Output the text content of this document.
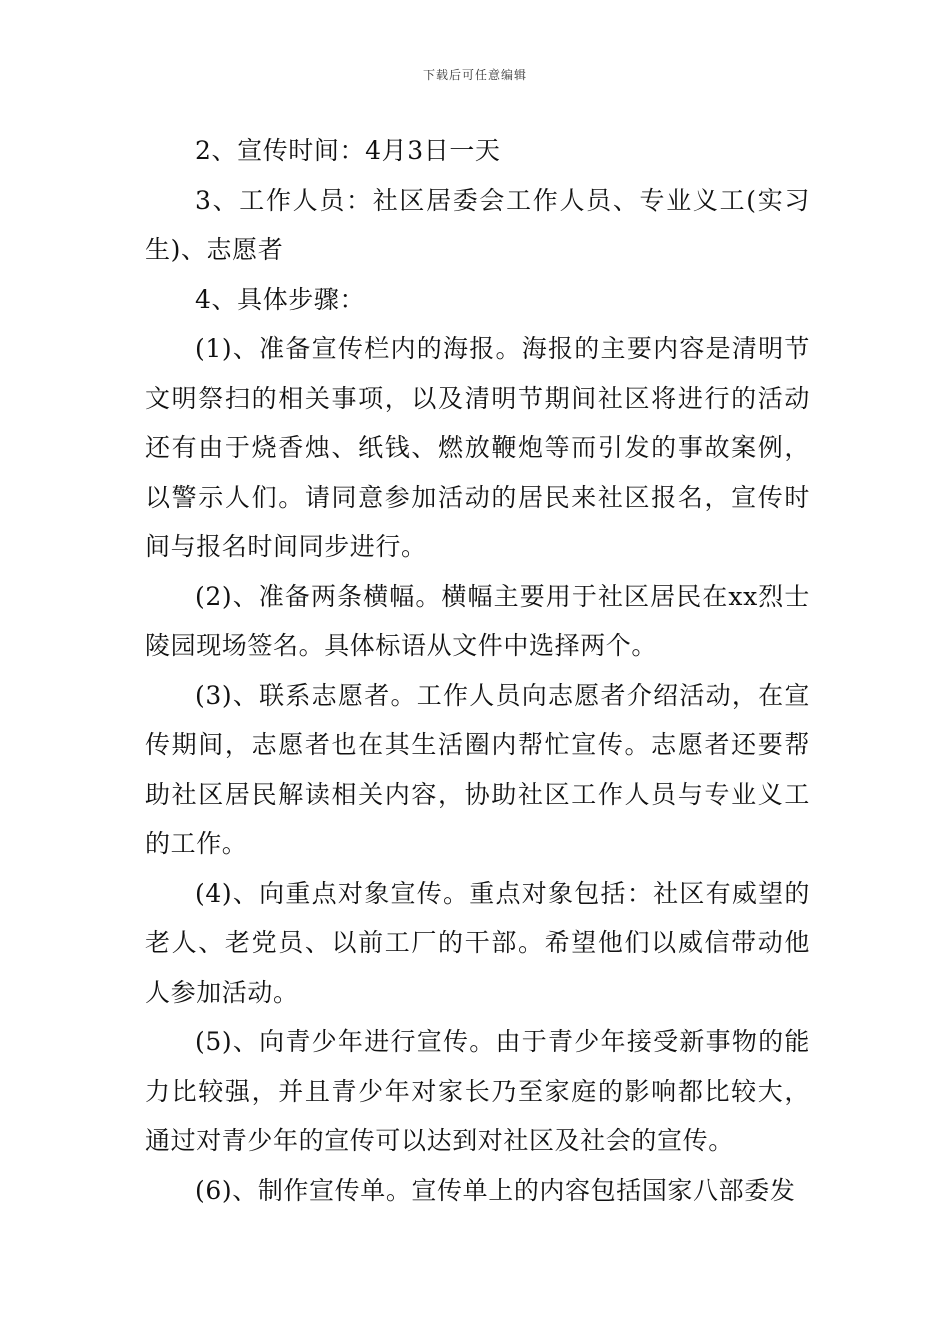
下载后可任意编辑

2、宣传时间：4月3日一天

3、工作人员：社区居委会工作人员、专业义工(实习生)、志愿者

4、具体步骤：

(1)、准备宣传栏内的海报。海报的主要内容是清明节文明祭扫的相关事项，以及清明节期间社区将进行的活动还有由于烧香烛、纸钱、燃放鞭炮等而引发的事故案例，以警示人们。请同意参加活动的居民来社区报名，宣传时间与报名时间同步进行。

(2)、准备两条横幅。横幅主要用于社区居民在xx烈士陵园现场签名。具体标语从文件中选择两个。

(3)、联系志愿者。工作人员向志愿者介绍活动，在宣传期间，志愿者也在其生活圈内帮忙宣传。志愿者还要帮助社区居民解读相关内容，协助社区工作人员与专业义工的工作。

(4)、向重点对象宣传。重点对象包括：社区有威望的老人、老党员、以前工厂的干部。希望他们以威信带动他人参加活动。

(5)、向青少年进行宣传。由于青少年接受新事物的能力比较强，并且青少年对家长乃至家庭的影响都比较大，通过对青少年的宣传可以达到对社区及社会的宣传。

(6)、制作宣传单。宣传单上的内容包括国家八部委发
